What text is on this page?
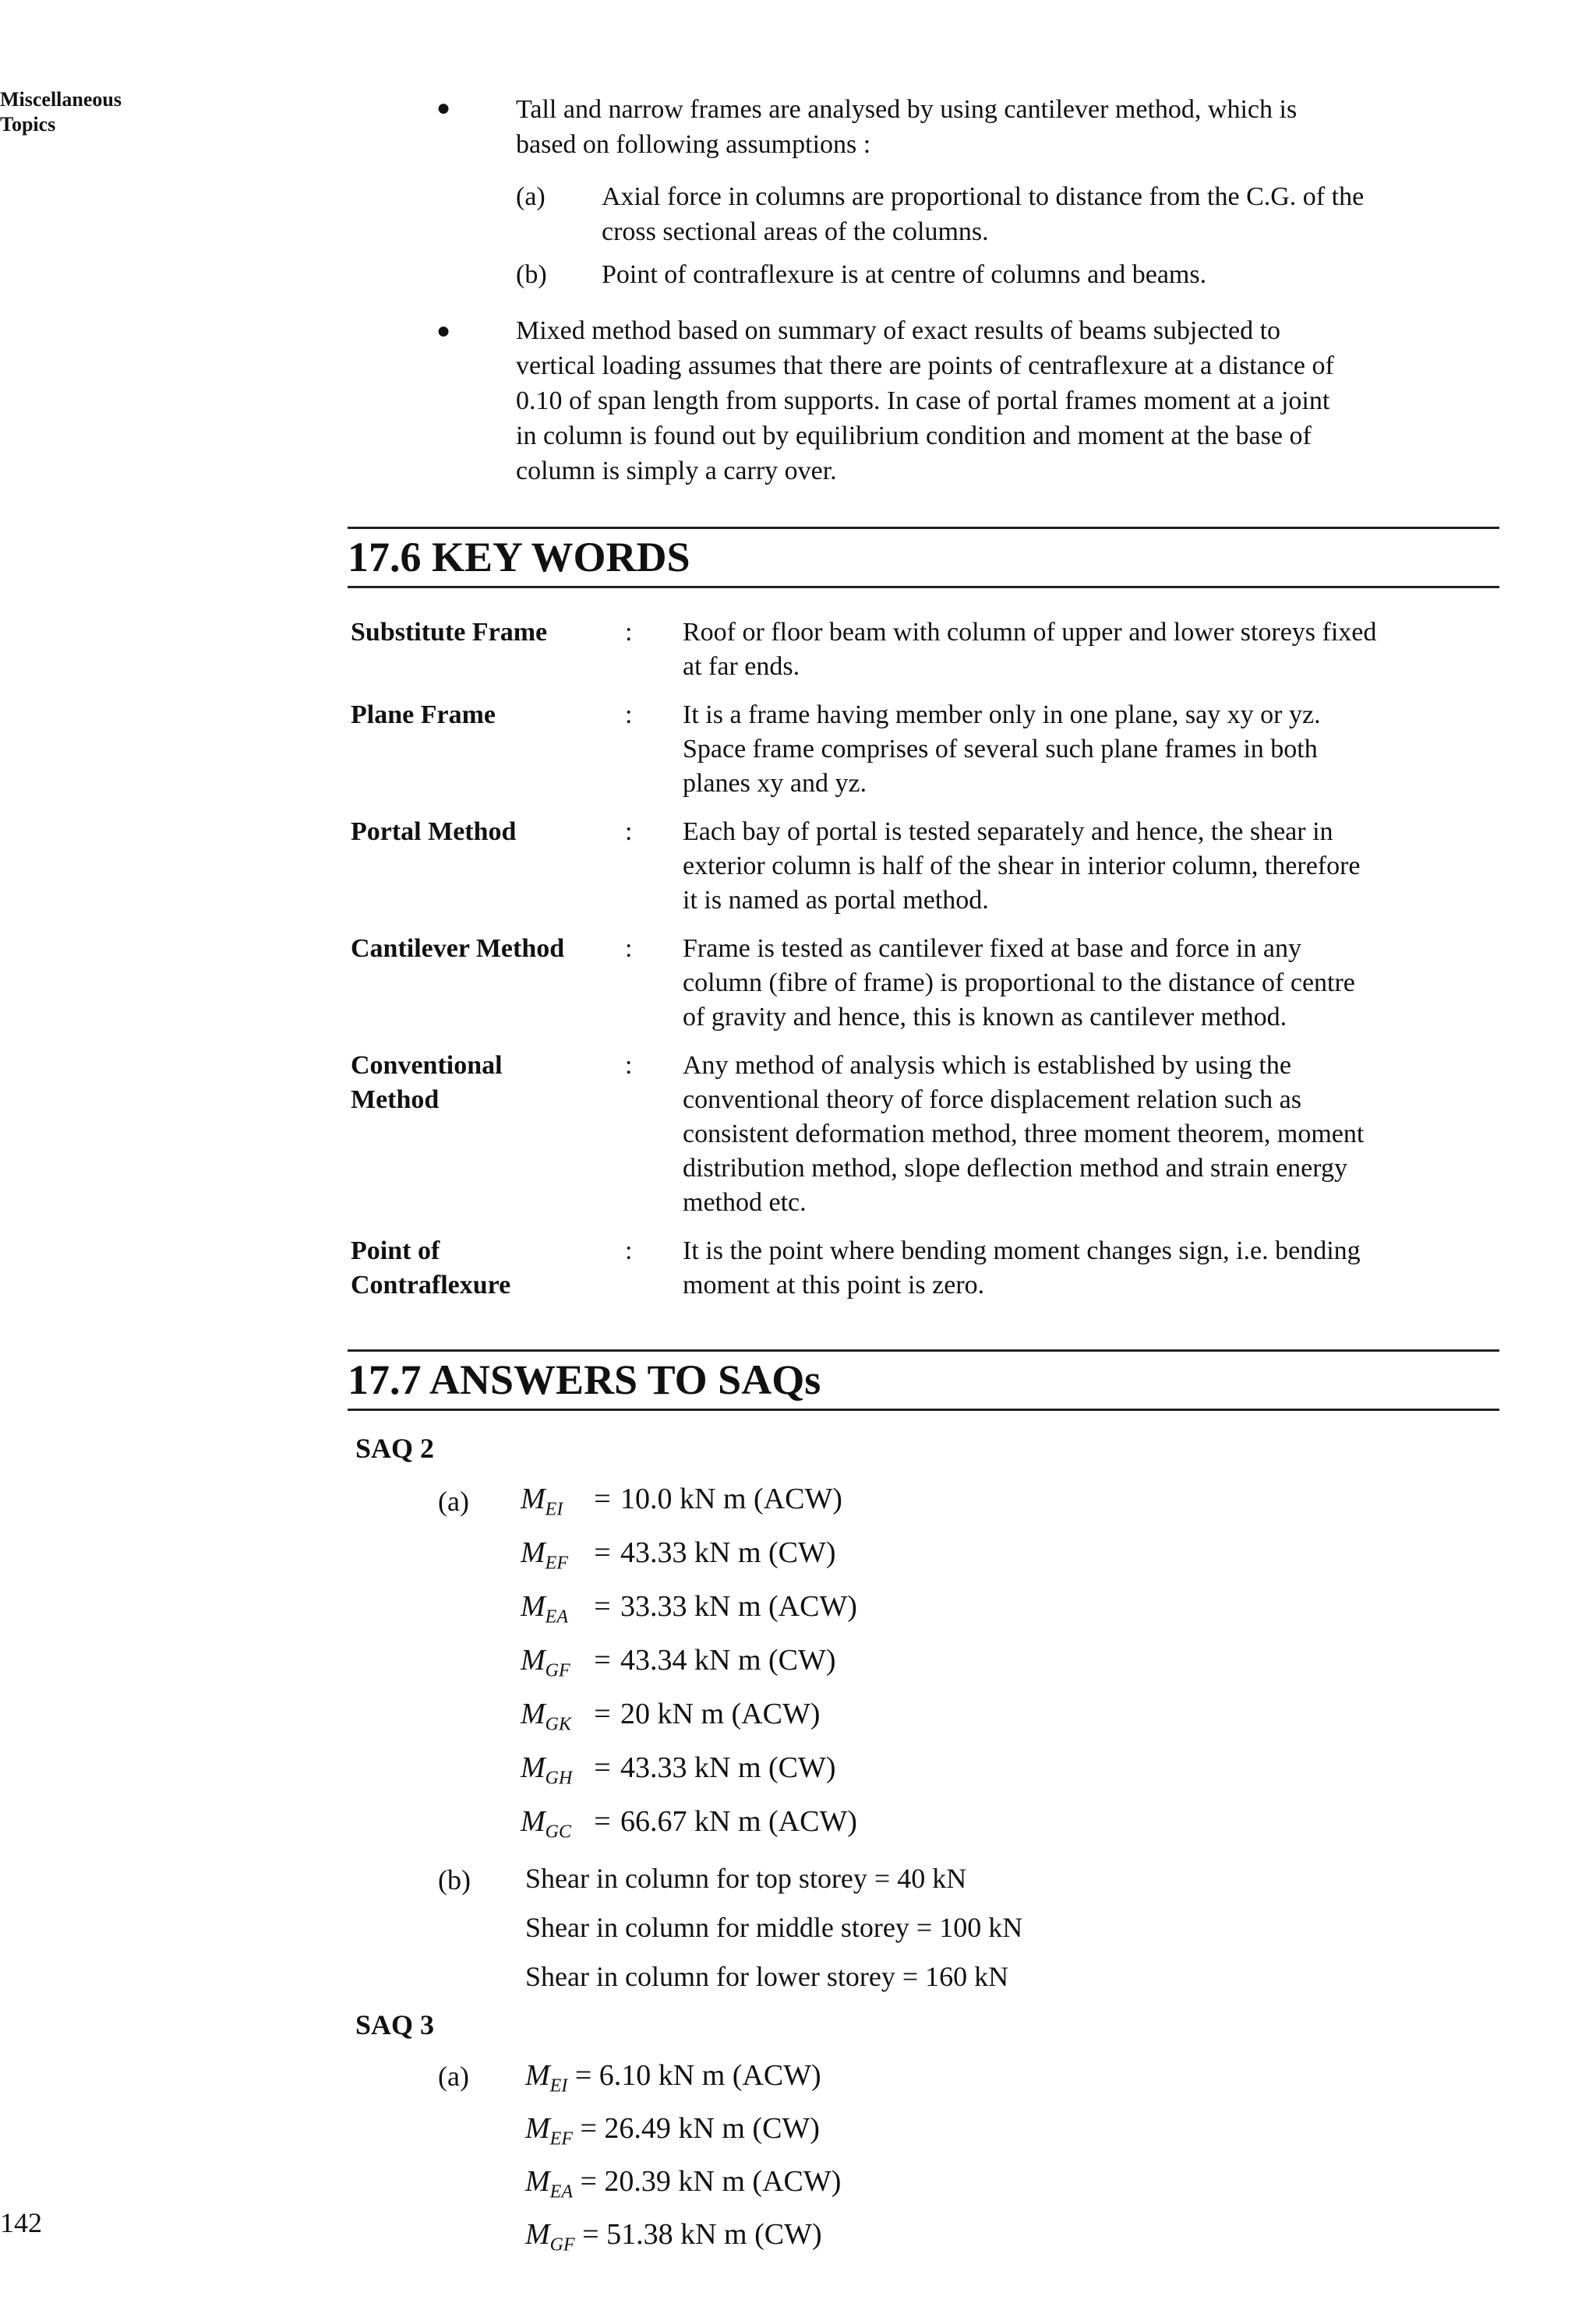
Miscellaneous
Topics
142
● Tall and narrow frames are analysed by using cantilever method, which is
based on following assumptions :
(a) Axial force in columns are proportional to distance from the C.G. of the
cross sectional areas of the columns.
(b) Point of contraflexure is at centre of columns and beams.
● Mixed method based on summary of exact results of beams subjected to
vertical loading assumes that there are points of centraflexure at a distance of
0.10 of span length from supports. In case of portal frames moment at a joint
in column is found out by equilibrium condition and moment at the base of
column is simply a carry over.
17.6 KEY WORDS
Substitute Frame	: Roof or floor beam with column of upper and lower storeys fixed
at far ends.
Plane Frame	: It is a frame having member only in one plane, say xy or yz.
Space frame comprises of several such plane frames in both
planes xy and yz.
Portal Method	: Each bay of portal is tested separately and hence, the shear in
exterior column is half of the shear in interior column, therefore
it is named as portal method.
Cantilever Method	: Frame is tested as cantilever fixed at base and force in any
column (fibre of frame) is proportional to the distance of centre
of gravity and hence, this is known as cantilever method.
Conventional
Method
: Any method of analysis which is established by using the
conventional theory of force displacement relation such as
consistent deformation method, three moment theorem, moment
distribution method, slope deflection method and strain energy
method etc.
Point of
Contraflexure
: It is the point where bending moment changes sign, i.e. bending
moment at this point is zero.
17.7 ANSWERS TO SAQs
SAQ 2
(a) $M_{EI}$	= 10.0 kN m (ACW)
$M_{EF} = 43.33$ kN m (CW)
$M_{EA} = 33.33$ kN m (ACW)
$M_{GF} = 43.34$ kN m (CW)
$M_{GK} = 20$ kN m (ACW)
$M_{GH} = 43.33$ kN m (CW)
$M_{GC} = 66.67$ kN m (ACW)
(b) Shear in column for top storey = 40 kN
Shear in column for middle storey = 100 kN
Shear in column for lower storey = 160 kN
SAQ 3
(a) $M_{EI} = 6.10$ kN m (ACW)
$M_{EF} = 26.49$ kN m (CW)
$M_{EA} = 20.39$ kN m (ACW)
$M_{GF} = 51.38$ kN m (CW)
